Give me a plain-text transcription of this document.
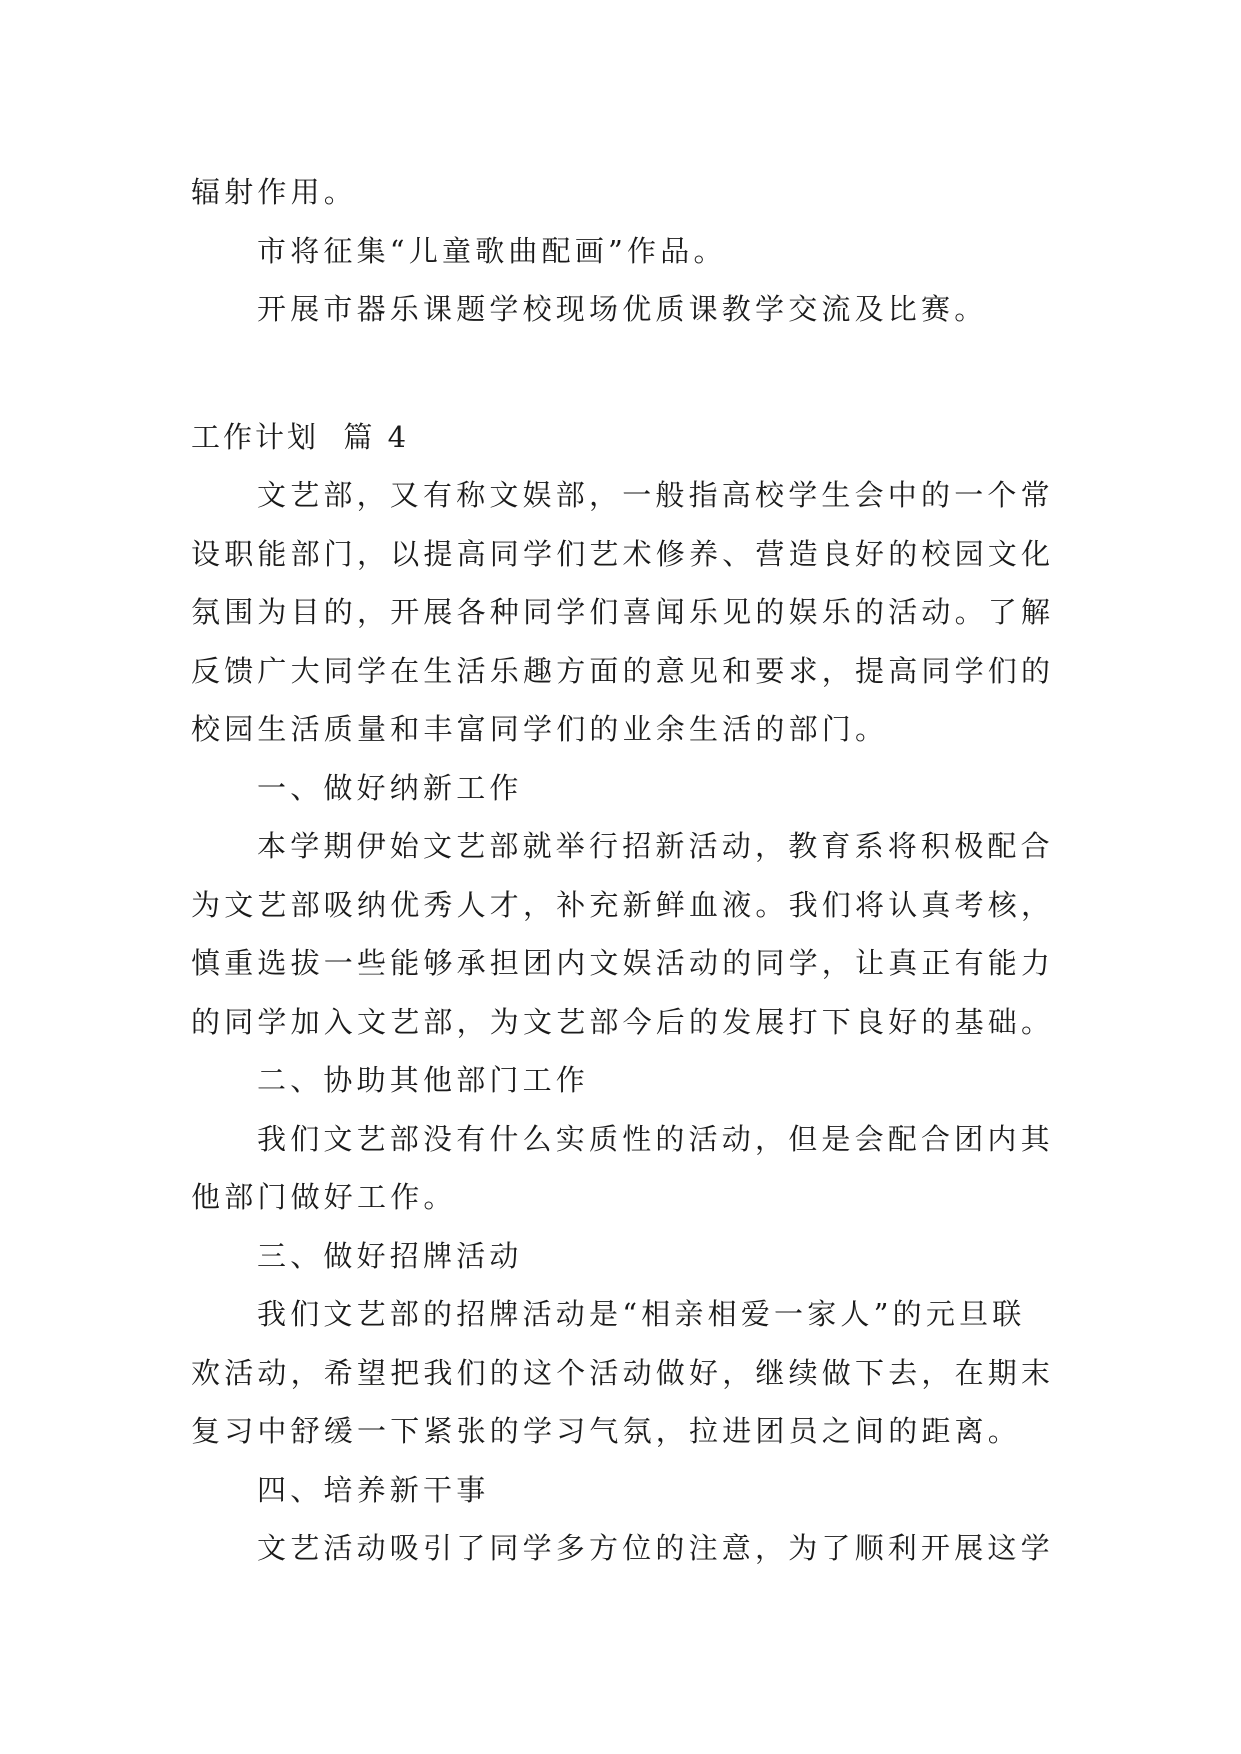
辐射作用。

市将征集“儿童歌曲配画”作品。

开展市器乐课题学校现场优质课教学交流及比赛。

工作计划  篇 4

文艺部，又有称文娱部，一般指高校学生会中的一个常

设职能部门，以提高同学们艺术修养、营造良好的校园文化

氛围为目的，开展各种同学们喜闻乐见的娱乐的活动。了解

反馈广大同学在生活乐趣方面的意见和要求，提高同学们的

校园生活质量和丰富同学们的业余生活的部门。

一、做好纳新工作

本学期伊始文艺部就举行招新活动，教育系将积极配合

为文艺部吸纳优秀人才，补充新鲜血液。我们将认真考核，

慎重选拔一些能够承担团内文娱活动的同学，让真正有能力

的同学加入文艺部，为文艺部今后的发展打下良好的基础。

二、协助其他部门工作

我们文艺部没有什么实质性的活动，但是会配合团内其

他部门做好工作。

三、做好招牌活动

我们文艺部的招牌活动是“相亲相爱一家人”的元旦联

欢活动，希望把我们的这个活动做好，继续做下去，在期末

复习中舒缓一下紧张的学习气氛，拉进团员之间的距离。

四、培养新干事

文艺活动吸引了同学多方位的注意，为了顺利开展这学
